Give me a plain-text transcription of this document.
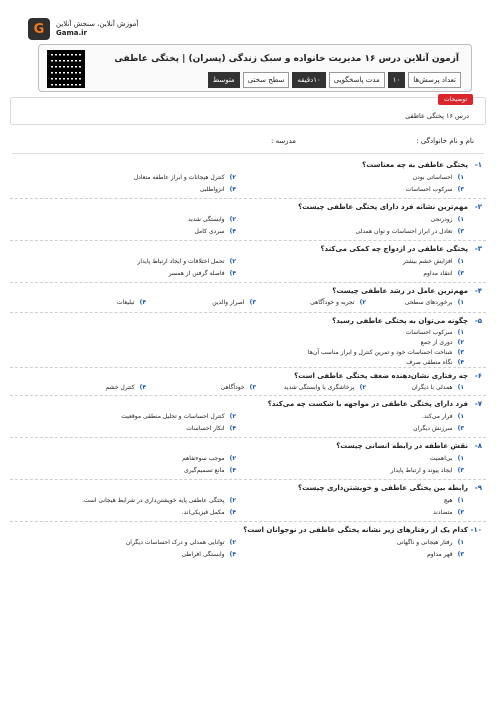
G آموزش آنلاین، سنجش آنلاین
Gama.ir
آزمون آنلاین درس ۱۶ مدیریت خانواده و سبک زندگی (پسران) | پختگی عاطفی
تعداد پرسش‌ها
۱۰
مدت پاسخگویی
۱۰دقیقه
سطح سختی
متوسط
توضیحات
درس ۱۶ پختگی عاطفی
نام و نام خانوادگی :
مدرسه :
۱-
پختگی عاطفی به چه معناست؟
۱)
احساساتی بودن
۲)
کنترل هیجانات و ابراز عاطفه متعادل
۳)
سرکوب احساسات
۴)
انزواطلبی
۲-
مهم‌ترین نشانه فرد دارای پختگی عاطفی چیست؟
۱)
زودرنجی
۲)
وابستگی شدید
۳)
تعادل در ابراز احساسات و توان همدلی
۴)
سردی کامل
۳-
پختگی عاطفی در ازدواج چه کمکی می‌کند؟
۱)
افزایش خشم بیشتر
۲)
تحمل اختلافات و ایجاد ارتباط پایدار
۳)
انتقاد مداوم
۴)
فاصله گرفتن از همسر
۴-
مهم‌ترین عامل در رشد عاطفی چیست؟
۱)
برخوردهای سطحی
۲)
تجربه و خودآگاهی
۳)
اصرار والدین
۴)
تبلیغات
۵-
چگونه می‌توان به پختگی عاطفی رسید؟
۱)
سرکوب احساسات
۲)
دوری از جمع
۳)
شناخت احساسات خود و تمرین کنترل و ابراز مناسب آن‌ها
۴)
نگاه منطقی صرف
۶-
چه رفتاری نشان‌دهنده ضعف پختگی عاطفی است؟
۱)
همدلی با دیگران
۲)
پرخاشگری یا وابستگی شدید
۳)
خودآگاهی
۴)
کنترل خشم
۷-
فرد دارای پختگی عاطفی در مواجهه با شکست چه می‌کند؟
۱)
فرار می‌کند.
۲)
کنترل احساسات و تحلیل منطقی موقعیت
۳)
سرزنش دیگران
۴)
انکار احساسات
۸-
نقش عاطفه در رابطه انسانی چیست؟
۱)
بی‌اهمیت
۲)
موجب سوءتفاهم
۳)
ایجاد پیوند و ارتباط پایدار
۴)
مانع تصمیم‌گیری
۹-
رابطه بین پختگی عاطفی و خویشتن‌داری چیست؟
۱)
هیچ
۲)
پختگی عاطفی پایه خویشتن‌داری در شرایط هیجانی است.
۳)
متضادند
۴)
مکمل فیزیکی‌اند.
۱۰-
کدام یک از رفتارهای زیر نشانه پختگی عاطفی در نوجوانان است؟
۱)
رفتار هیجانی و ناگهانی
۲)
توانایی همدلی و درک احساسات دیگران
۳)
قهر مداوم
۴)
وابستگی افراطی
